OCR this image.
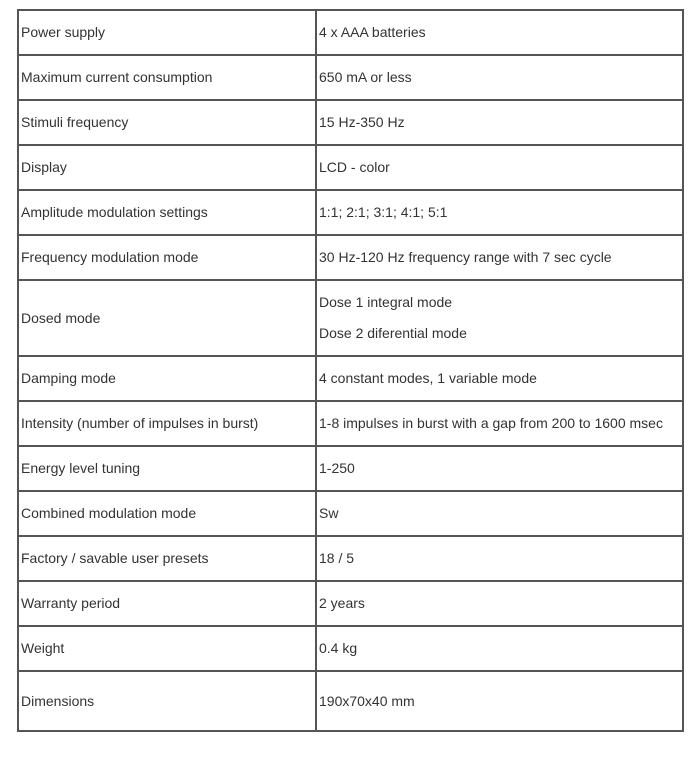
Power supply	4 x AAA batteries

Maximum current consumption	650 mA or less

Stimuli frequency	15 Hz-350 Hz

Display	LCD - color

Amplitude modulation settings	1:1; 2:1; 3:1; 4:1; 5:1

Frequency modulation mode	30 Hz-120 Hz frequency range with 7 sec cycle

Dosed mode	Dose 1 integral mode
Dose 2 diferential mode

Damping mode	4 constant modes, 1 variable mode

Intensity (number of impulses in burst)	1-8 impulses in burst with a gap from 200 to 1600 msec

Energy level tuning	1-250

Combined modulation mode	Sw

Factory / savable user presets	18 / 5

Warranty period	2 years

Weight	0.4 kg

Dimensions	190x70x40 mm
